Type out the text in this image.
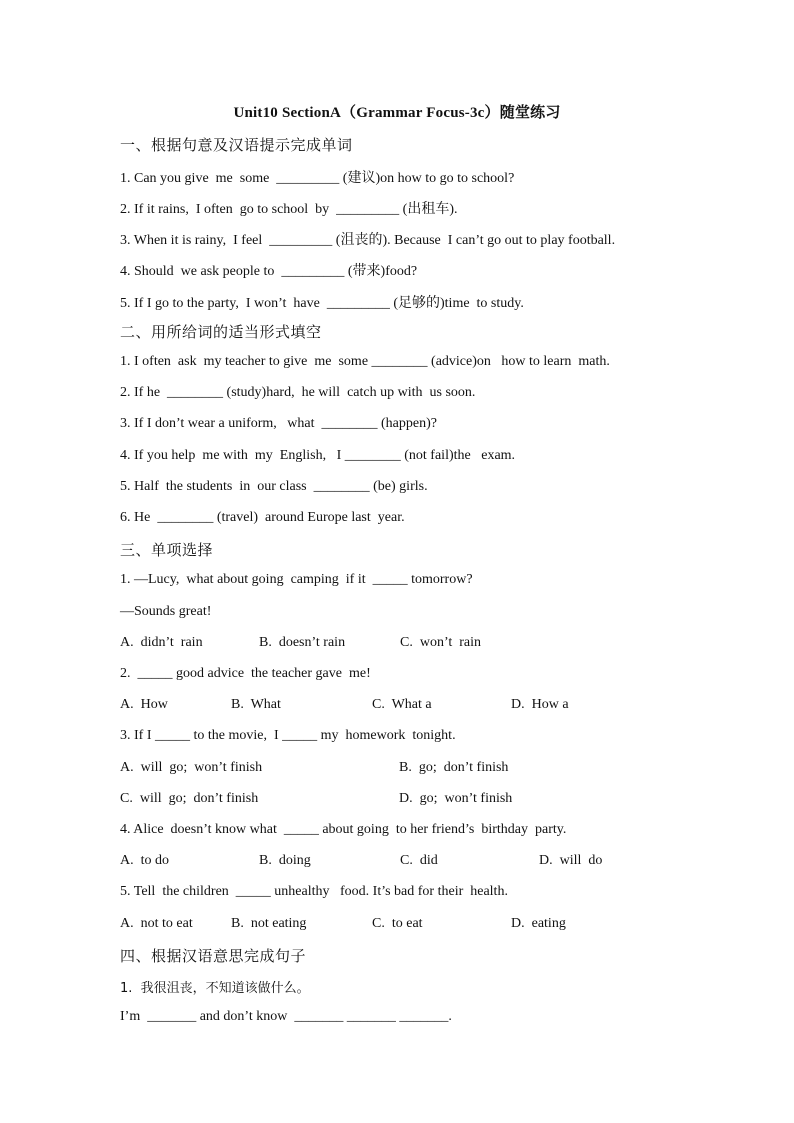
Unit10 SectionA（Grammar Focus-3c）随堂练习
一、根据句意及汉语提示完成单词
1. Can you give  me  some  _________ (建议)on how to go to school?
2. If it rains,  I often  go to school  by  _________ (出租车).
3. When it is rainy,  I feel  _________ (沮丧的). Because  I can’t go out to play football.
4. Should  we ask people to  _________ (带来)food?
5. If I go to the party,  I won’t  have  _________ (足够的)time  to study.
二、用所给词的适当形式填空
1. I often  ask  my teacher to give  me  some ________ (advice)on   how to learn  math.
2. If he  ________ (study)hard,  he will  catch up with  us soon.
3. If I don’t wear a uniform,   what  ________ (happen)?
4. If you help  me with  my  English,   I ________ (not fail)the   exam.
5. Half  the students  in  our class  ________ (be) girls.
6. He  ________ (travel)  around Europe last  year.
三、单项选择
1. —Lucy,  what about going  camping  if it  _____ tomorrow?
—Sounds great!
A.  didn’t  rain	B.  doesn’t rain	C.  won’t  rain
2.  _____ good advice  the teacher gave  me!
A.  How	B.  What	C.  What a	D.  How a
3. If I _____ to the movie,  I _____ my  homework  tonight.
A.  will  go;  won’t finish	B.  go;  don’t finish
C.  will  go;  don’t finish	D.  go;  won’t finish
4. Alice  doesn’t know what  _____ about going  to her friend’s  birthday  party.
A.  to do	B.  doing	C.  did	D.  will  do
5. Tell  the children  _____ unhealthy   food. It’s bad for their  health.
A.  not to eat	B.  not eating	C.  to eat	D.  eating
四、根据汉语意思完成句子
1.  我很沮丧，不知道该做什么。
I’m  _______ and don’t know  _______ _______ _______.
